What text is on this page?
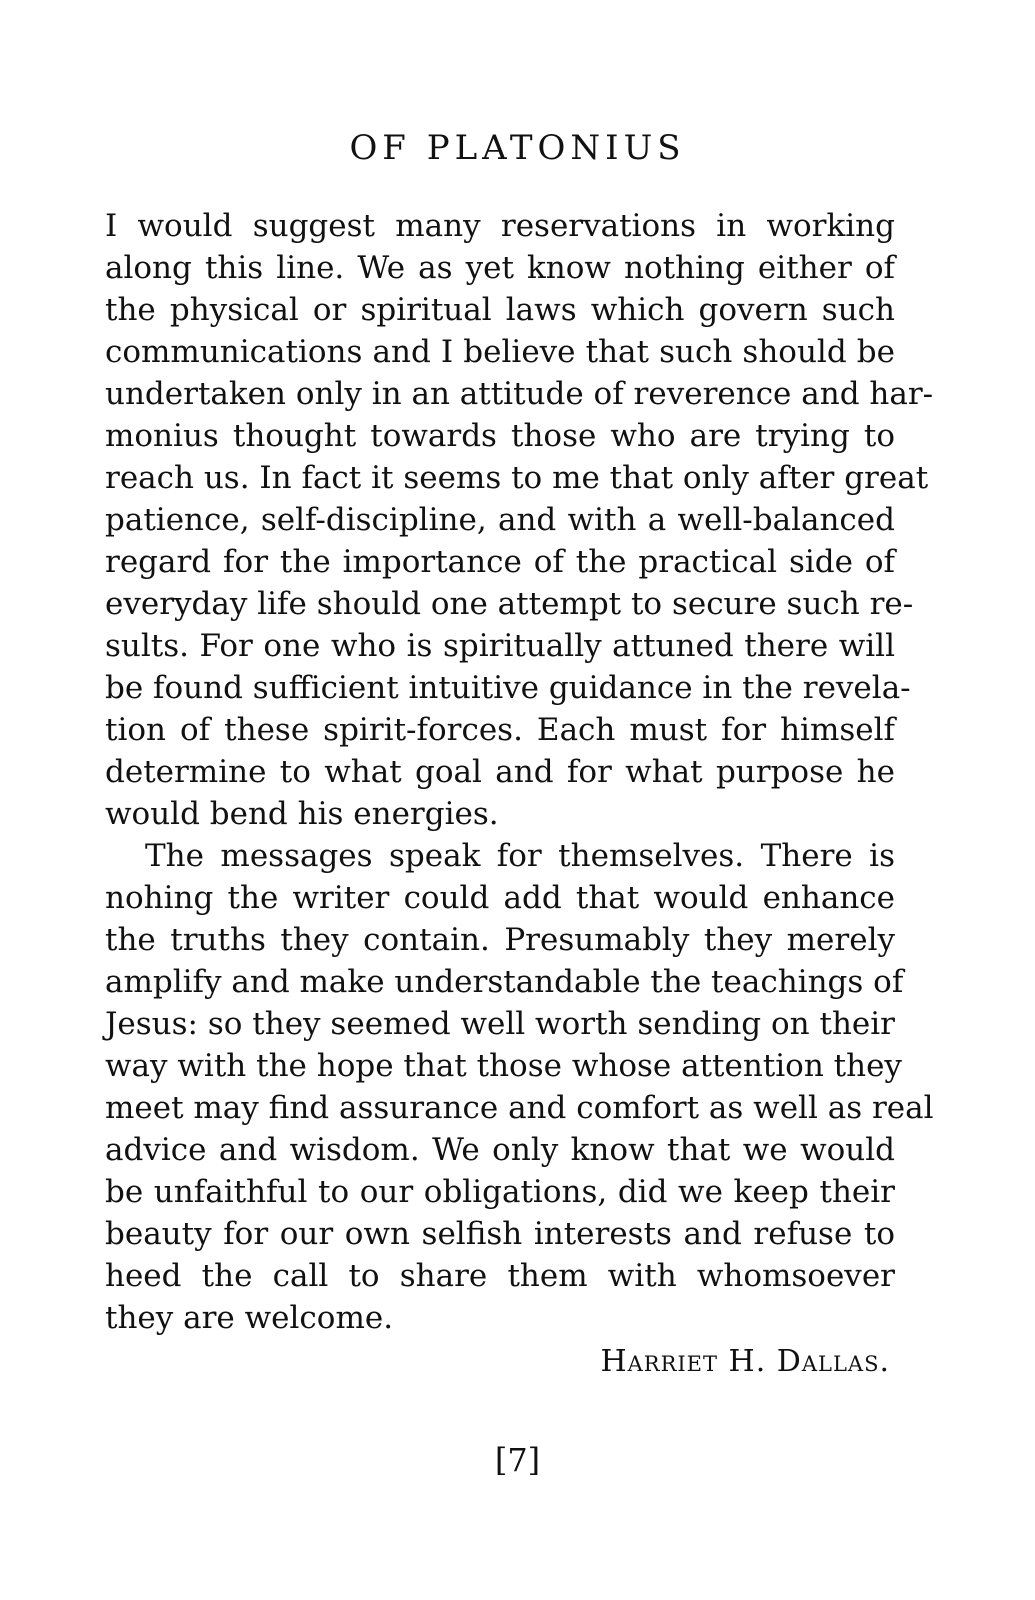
OF PLATONIUS
I would suggest many reservations in working
along this line. We as yet know nothing either of
the physical or spiritual laws which govern such
communications and I believe that such should be
undertaken only in an attitude of reverence and har-
monius thought towards those who are trying to
reach us. In fact it seems to me that only after great
patience, self-discipline, and with a well-balanced
regard for the importance of the practical side of
everyday life should one attempt to secure such re-
sults. For one who is spiritually attuned there will
be found sufficient intuitive guidance in the revela-
tion of these spirit-forces. Each must for himself
determine to what goal and for what purpose he
would bend his energies.
The messages speak for themselves. There is
nohing the writer could add that would enhance
the truths they contain. Presumably they merely
amplify and make understandable the teachings of
Jesus: so they seemed well worth sending on their
way with the hope that those whose attention they
meet may find assurance and comfort as well as real
advice and wisdom. We only know that we would
be unfaithful to our obligations, did we keep their
beauty for our own selfish interests and refuse to
heed the call to share them with whomsoever
they are welcome.
Harriet H. Dallas.
[7]
